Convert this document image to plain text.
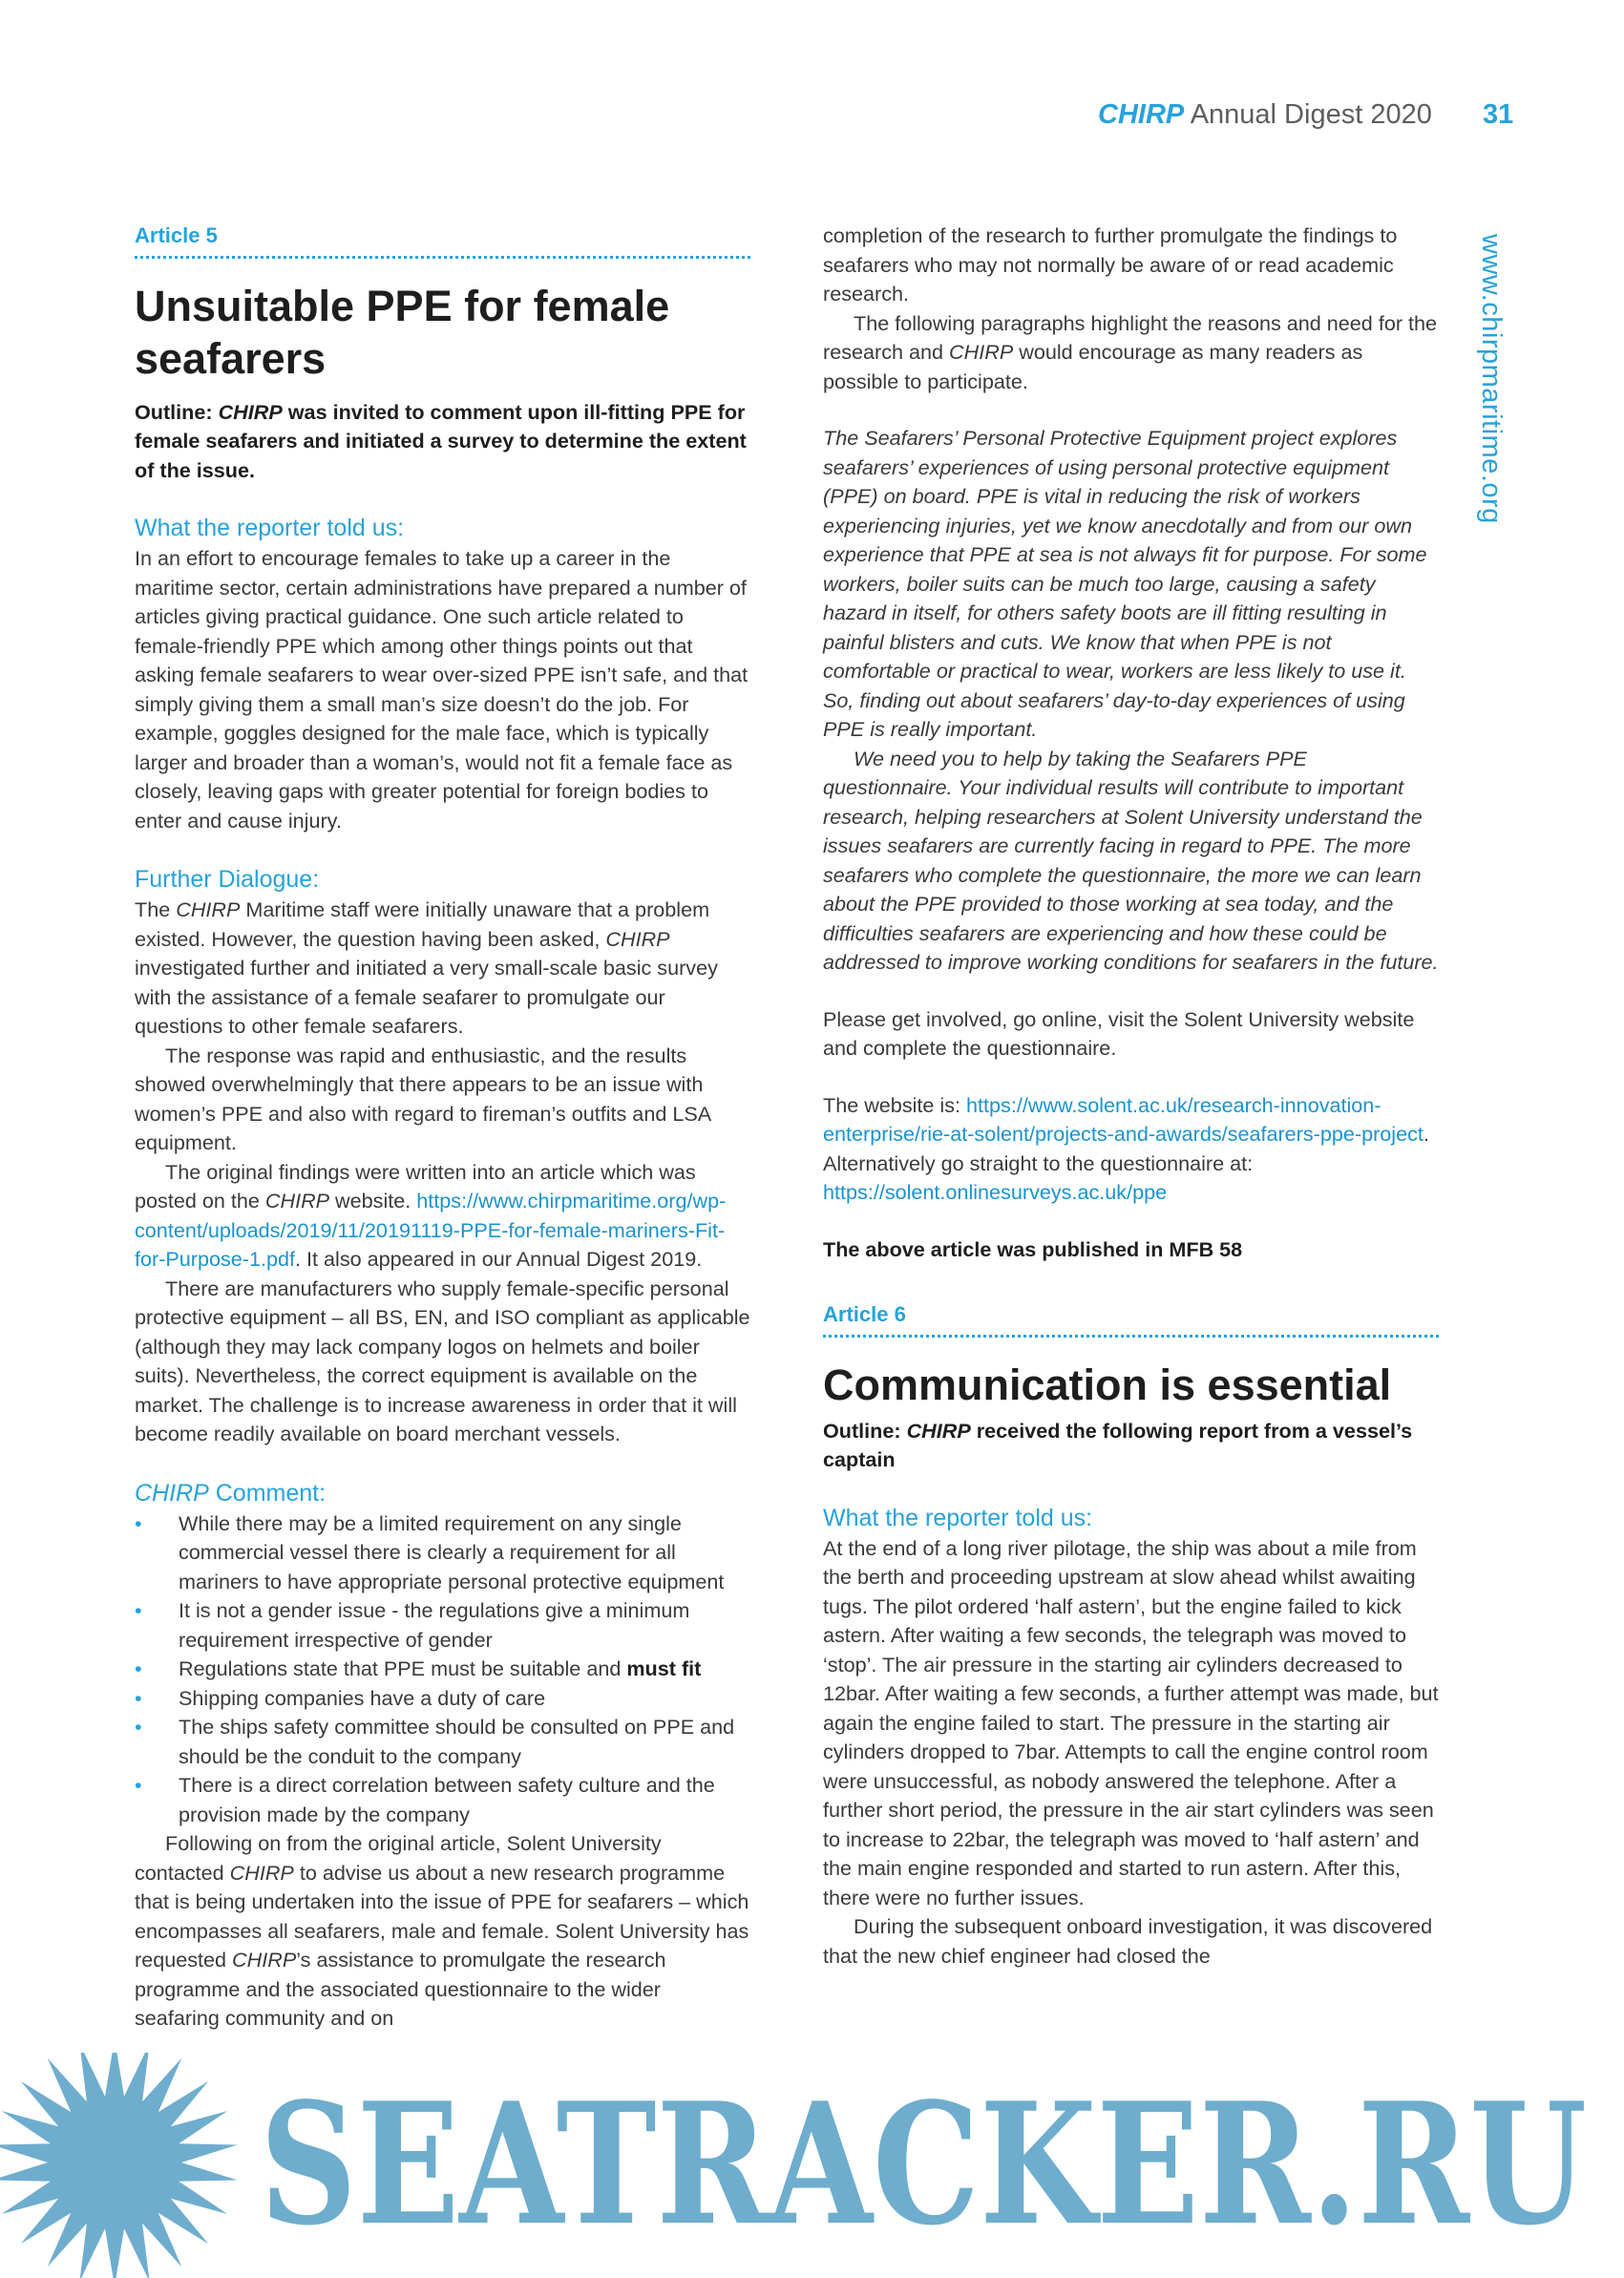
CHIRP Annual Digest 2020 31
www.chirpmaritime.org
Article 5
Unsuitable PPE for female seafarers

Outline: CHIRP was invited to comment upon ill-fitting PPE for female seafarers and initiated a survey to determine the extent of the issue.

What the reporter told us:

In an effort to encourage females to take up a career in the maritime sector, certain administrations have prepared a number of articles giving practical guidance. One such article related to female-friendly PPE which among other things points out that asking female seafarers to wear over-sized PPE isn’t safe, and that simply giving them a small man’s size doesn’t do the job. For example, goggles designed for the male face, which is typically larger and broader than a woman’s, would not fit a female face as closely, leaving gaps with greater potential for foreign bodies to enter and cause injury.

Further Dialogue:

The CHIRP Maritime staff were initially unaware that a problem existed. However, the question having been asked, CHIRP investigated further and initiated a very small-scale basic survey with the assistance of a female seafarer to promulgate our questions to other female seafarers.

The response was rapid and enthusiastic, and the results showed overwhelmingly that there appears to be an issue with women’s PPE and also with regard to fireman’s outfits and LSA equipment.

The original findings were written into an article which was posted on the CHIRP website. https://www.chirpmaritime.org/wp-content/uploads/2019/11/20191119-PPE-for-female-mariners-Fit-for-Purpose-1.pdf. It also appeared in our Annual Digest 2019.

There are manufacturers who supply female-specific personal protective equipment – all BS, EN, and ISO compliant as applicable (although they may lack company logos on helmets and boiler suits). Nevertheless, the correct equipment is available on the market. The challenge is to increase awareness in order that it will become readily available on board merchant vessels.

CHIRP Comment:
• While there may be a limited requirement on any single commercial vessel there is clearly a requirement for all mariners to have appropriate personal protective equipment
• It is not a gender issue - the regulations give a minimum requirement irrespective of gender
• Regulations state that PPE must be suitable and must fit
• Shipping companies have a duty of care
• The ships safety committee should be consulted on PPE and should be the conduit to the company
• There is a direct correlation between safety culture and the provision made by the company

Following on from the original article, Solent University contacted CHIRP to advise us about a new research programme that is being undertaken into the issue of PPE for seafarers – which encompasses all seafarers, male and female. Solent University has requested CHIRP’s assistance to promulgate the research programme and the associated questionnaire to the wider seafaring community and on

completion of the research to further promulgate the findings to seafarers who may not normally be aware of or read academic research.

The following paragraphs highlight the reasons and need for the research and CHIRP would encourage as many readers as possible to participate.

The Seafarers’ Personal Protective Equipment project explores seafarers’ experiences of using personal protective equipment (PPE) on board. PPE is vital in reducing the risk of workers experiencing injuries, yet we know anecdotally and from our own experience that PPE at sea is not always fit for purpose. For some workers, boiler suits can be much too large, causing a safety hazard in itself, for others safety boots are ill fitting resulting in painful blisters and cuts. We know that when PPE is not comfortable or practical to wear, workers are less likely to use it. So, finding out about seafarers’ day-to-day experiences of using PPE is really important.

We need you to help by taking the Seafarers PPE questionnaire. Your individual results will contribute to important research, helping researchers at Solent University understand the issues seafarers are currently facing in regard to PPE. The more seafarers who complete the questionnaire, the more we can learn about the PPE provided to those working at sea today, and the difficulties seafarers are experiencing and how these could be addressed to improve working conditions for seafarers in the future.

Please get involved, go online, visit the Solent University website and complete the questionnaire.

The website is: https://www.solent.ac.uk/research-innovation-enterprise/rie-at-solent/projects-and-awards/seafarers-ppe-project. Alternatively go straight to the questionnaire at: https://solent.onlinesurveys.ac.uk/ppe

The above article was published in MFB 58

Article 6
Communication is essential

Outline: CHIRP received the following report from a vessel’s captain

What the reporter told us:

At the end of a long river pilotage, the ship was about a mile from the berth and proceeding upstream at slow ahead whilst awaiting tugs. The pilot ordered ‘half astern’, but the engine failed to kick astern. After waiting a few seconds, the telegraph was moved to ‘stop’. The air pressure in the starting air cylinders decreased to 12bar. After waiting a few seconds, a further attempt was made, but again the engine failed to start. The pressure in the starting air cylinders dropped to 7bar. Attempts to call the engine control room were unsuccessful, as nobody answered the telephone. After a further short period, the pressure in the air start cylinders was seen to increase to 22bar, the telegraph was moved to ‘half astern’ and the main engine responded and started to run astern. After this, there were no further issues.

During the subsequent onboard investigation, it was discovered that the new chief engineer had closed the

SEATRACKER.RU
